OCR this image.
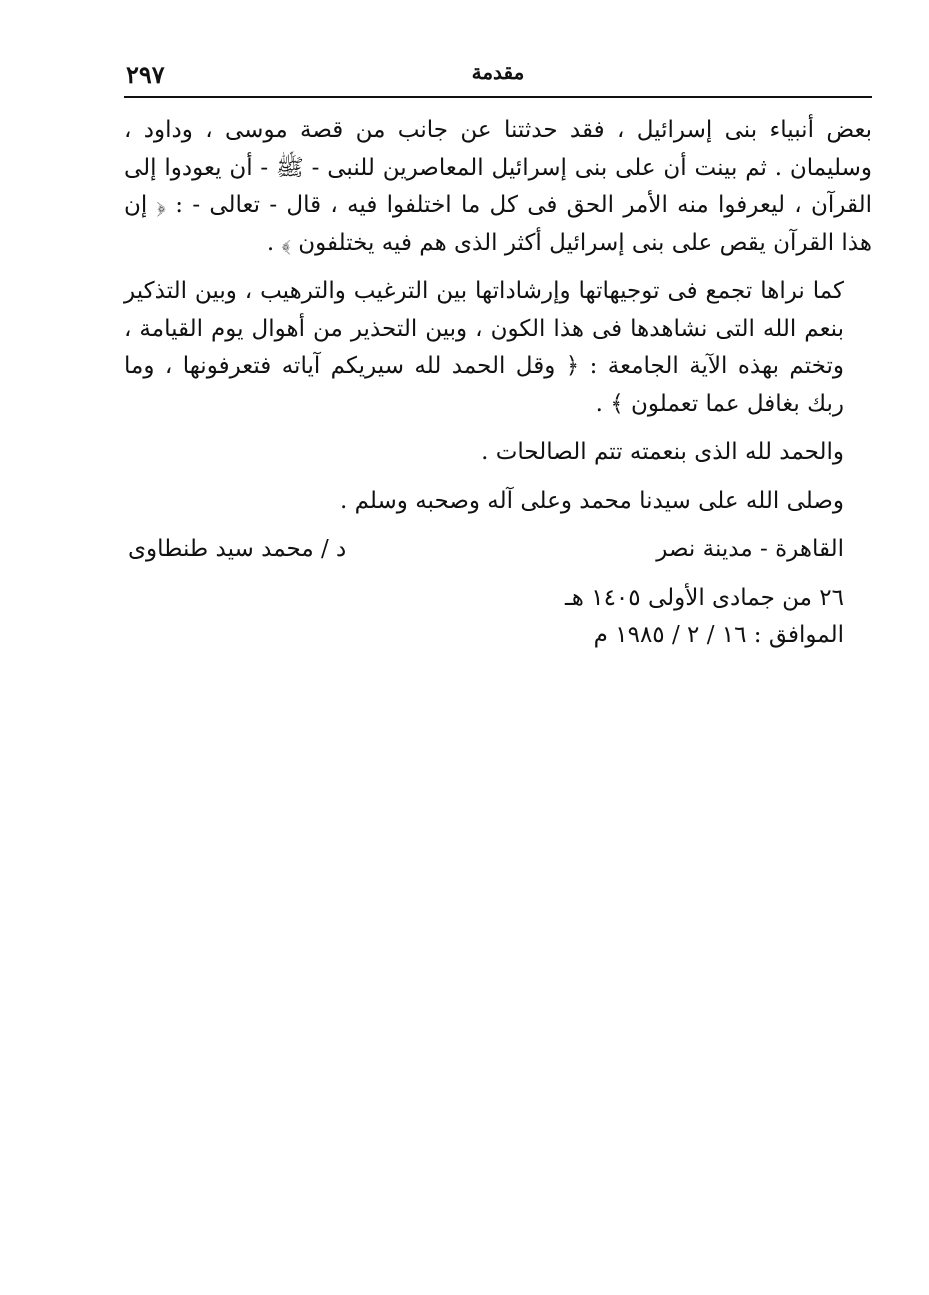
٢٩٧	مقدمة

بعض أنبياء بنى إسرائيل ، فقد حدثتنا عن جانب من قصة موسى ، وداود ، وسليمان . ثم بينت أن على بنى إسرائيل المعاصرين للنبى - ﷺ - أن يعودوا إلى القرآن ، ليعرفوا منه الأمر الحق فى كل ما اختلفوا فيه ، قال - تعالى - : ﴿ إن هذا القرآن يقص على بنى إسرائيل أكثر الذى هم فيه يختلفون ﴾ .

كما نراها تجمع فى توجيهاتها وإرشاداتها بين الترغيب والترهيب ، وبين التذكير بنعم الله التى نشاهدها فى هذا الكون ، وبين التحذير من أهوال يوم القيامة ، وتختم بهذه الآية الجامعة : ﴿ وقل الحمد لله سيريكم آياته فتعرفونها ، وما ربك بغافل عما تعملون ﴾ .

والحمد لله الذى بنعمته تتم الصالحات .

وصلى الله على سيدنا محمد وعلى آله وصحبه وسلم .

القاهرة - مدينة نصر
د / محمد سيد طنطاوى

٢٦ من جمادى الأولى ١٤٠٥ هـ

الموافق : ١٦ / ٢ / ١٩٨٥ م
